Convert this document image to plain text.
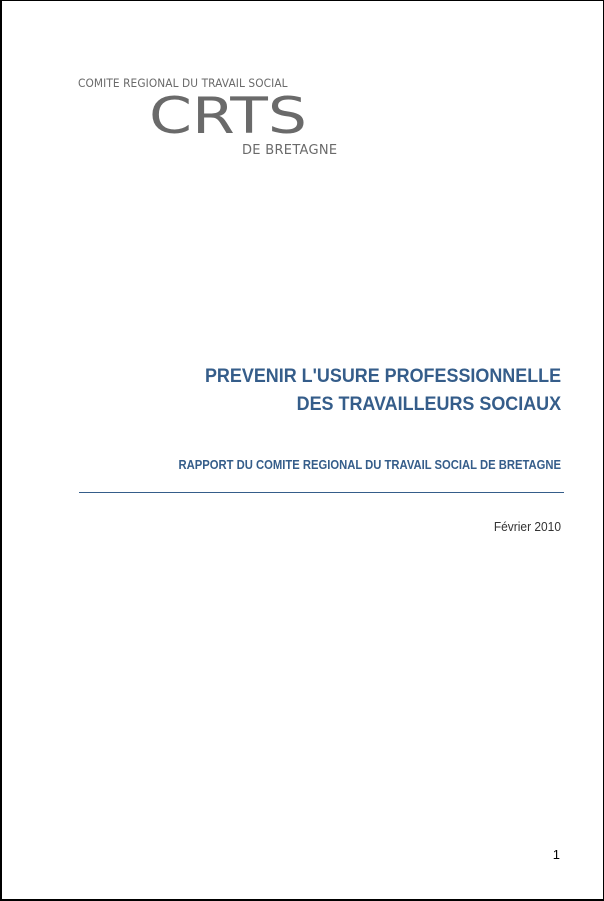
COMITE REGIONAL DU TRAVAIL SOCIAL
CRTS
DE BRETAGNE
PREVENIR L'USURE PROFESSIONNELLE
DES TRAVAILLEURS SOCIAUX
RAPPORT DU COMITE REGIONAL DU TRAVAIL SOCIAL DE BRETAGNE
Février 2010
1
